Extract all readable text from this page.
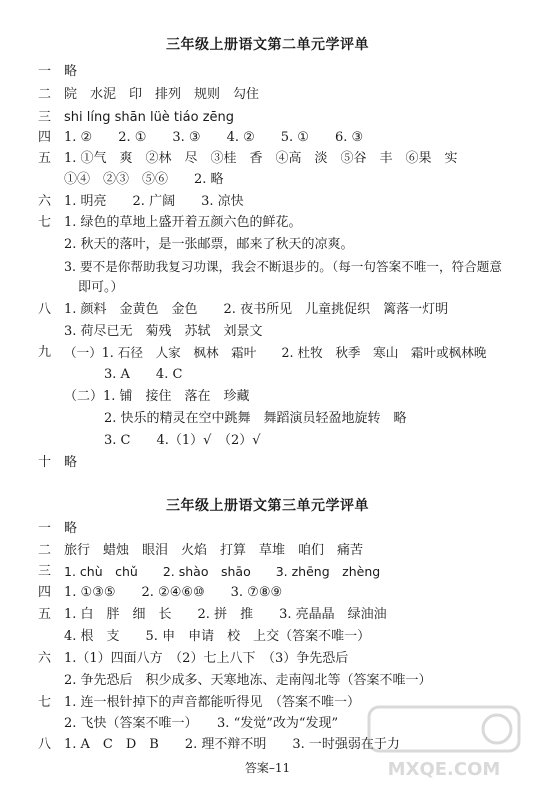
三年级上册语文第二单元学评单
一 略
二 院　水泥　印　排列　规则　勾住
三 shi líng shān lüè tiáo zēng
四 1. ②　　2. ①　　3. ③　　4. ②　　5. ①　　6. ③
五 1. ①气　爽　②林　尽　③桂　香　④高　淡　⑤谷　丰　⑥果　实
①④　②③　⑤⑥　　2. 略
六 1. 明亮　　2. 广阔　　3. 凉快
七 1. 绿色的草地上盛开着五颜六色的鲜花。
2. 秋天的落叶，是一张邮票，邮来了秋天的凉爽。
3. 要不是你帮助我复习功课，我会不断退步的。（每一句答案不唯一，符合题意
即可。）
八 1. 颜料　金黄色　金色　　2. 夜书所见　儿童挑促织　篱落一灯明
3. 荷尽已无　菊残　苏轼　刘景文
九 （一）1. 石径　人家　枫林　霜叶　　2. 杜牧　秋季　寒山　霜叶或枫林晚
3. A　　4. C
（二）1. 铺　接住　落在　珍藏
2. 快乐的精灵在空中跳舞　舞蹈演员轻盈地旋转　略
3. C　　4.（1）√　（2）√
十 略
三年级上册语文第三单元学评单
一 略
二 旅行　蜡烛　眼泪　火焰　打算　草堆　咱们　痛苦
三 1. chù　chǔ　　2. shào　shāo　　3. zhēng　zhèng
四 1. ①③⑤　　2. ②④⑥⑩　　3. ⑦⑧⑨
五 1. 白　胖　细　长　　2. 拼　推　　3. 亮晶晶　绿油油
4. 根　支　　5. 申　申请　校　上交（答案不唯一）
六 1.（1）四面八方　（2）七上八下　（3）争先恐后
2. 争先恐后　积少成多、天寒地冻、走南闯北等（答案不唯一）
七 1. 连一根针掉下的声音都能听得见　（答案不唯一）
2. 飞快（答案不唯一）　　3. “发觉”改为“发现”
八 1. A　C　D　B　　2. 理不辩不明　　3. 一时强弱在于力
答案–11	MXQE.COM
